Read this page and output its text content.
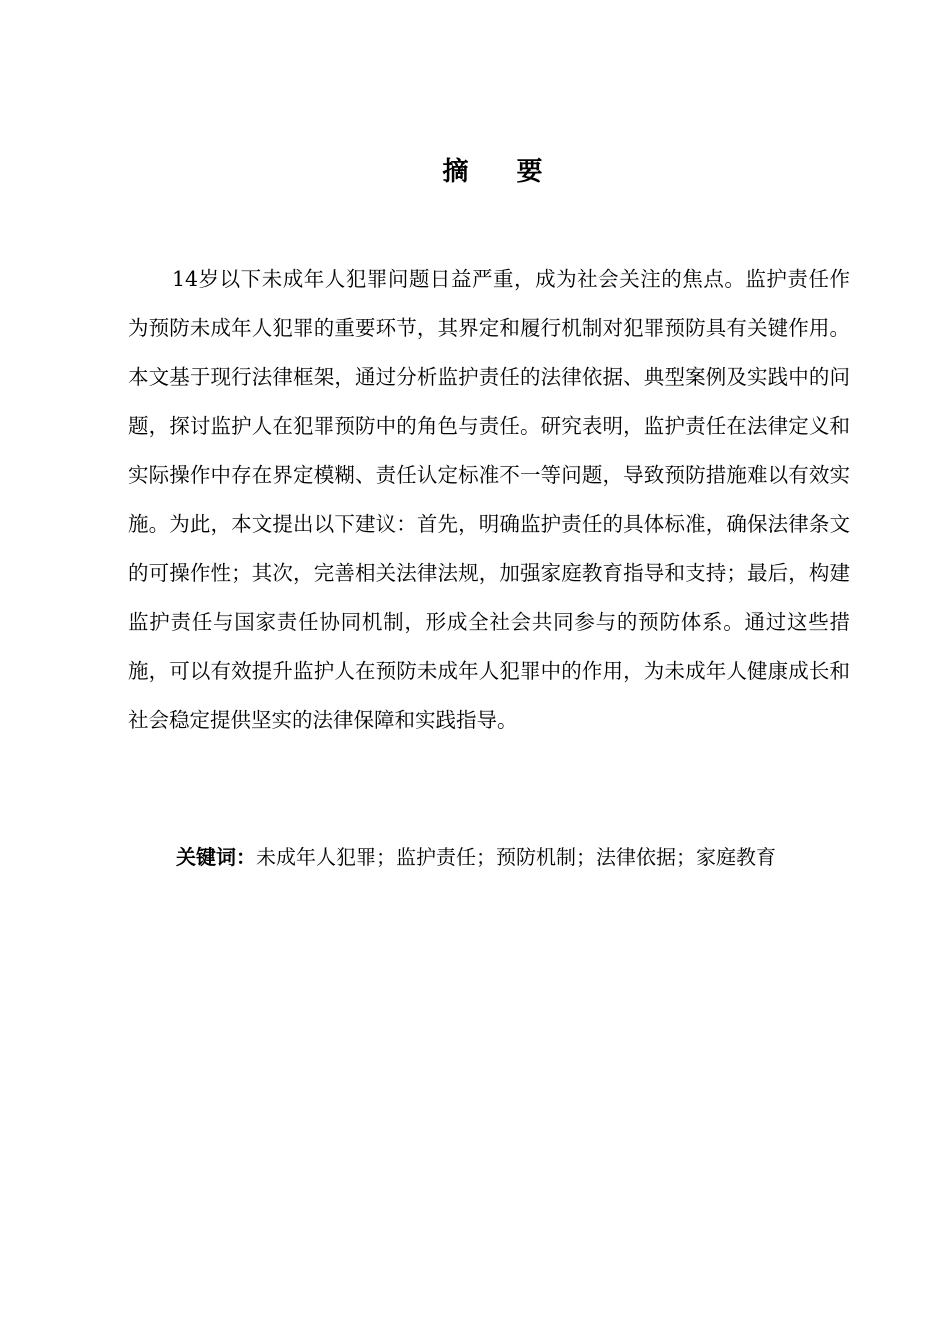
摘 要

14岁以下未成年人犯罪问题日益严重，成为社会关注的焦点。监护责任作为预防未成年人犯罪的重要环节，其界定和履行机制对犯罪预防具有关键作用。本文基于现行法律框架，通过分析监护责任的法律依据、典型案例及实践中的问题，探讨监护人在犯罪预防中的角色与责任。研究表明，监护责任在法律定义和实际操作中存在界定模糊、责任认定标准不一等问题，导致预防措施难以有效实施。为此，本文提出以下建议：首先，明确监护责任的具体标准，确保法律条文的可操作性；其次，完善相关法律法规，加强家庭教育指导和支持；最后，构建监护责任与国家责任协同机制，形成全社会共同参与的预防体系。通过这些措施，可以有效提升监护人在预防未成年人犯罪中的作用，为未成年人健康成长和社会稳定提供坚实的法律保障和实践指导。

关键词：未成年人犯罪；监护责任；预防机制；法律依据；家庭教育
